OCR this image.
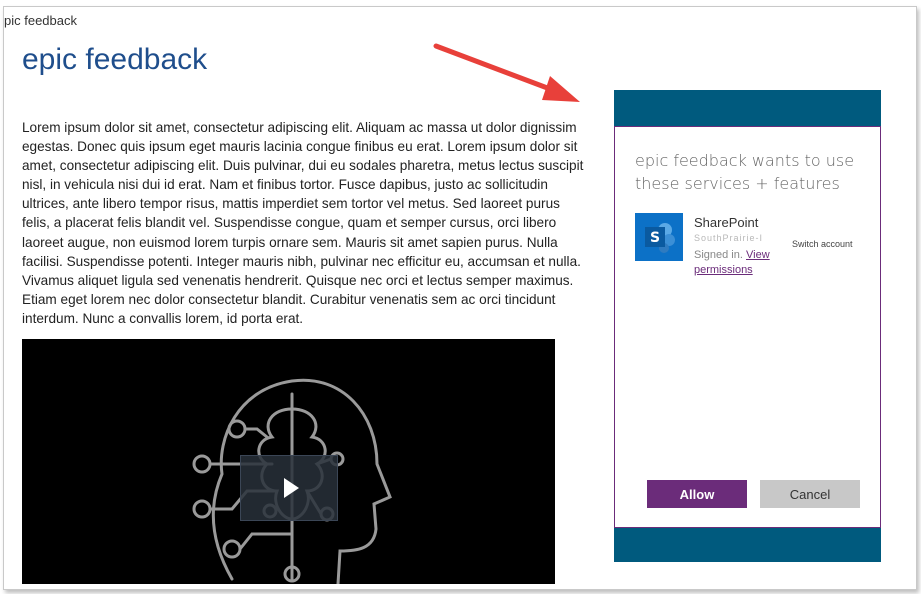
pic feedback
epic feedback

Lorem ipsum dolor sit amet, consectetur adipiscing elit. Aliquam ac massa ut dolor dignissim egestas. Donec quis ipsum eget mauris lacinia congue finibus eu erat. Lorem ipsum dolor sit amet, consectetur adipiscing elit. Duis pulvinar, dui eu sodales pharetra, metus lectus suscipit nisl, in vehicula nisi dui id erat. Nam et finibus tortor. Fusce dapibus, justo ac sollicitudin ultrices, ante libero tempor risus, mattis imperdiet sem tortor vel metus. Sed laoreet purus felis, a placerat felis blandit vel. Suspendisse congue, quam et semper cursus, orci libero laoreet augue, non euismod lorem turpis ornare sem. Mauris sit amet sapien purus. Nulla facilisi. Suspendisse potenti. Integer mauris nibh, pulvinar nec efficitur eu, accumsan et nulla. Vivamus aliquet ligula sed venenatis hendrerit. Quisque nec orci et lectus semper maximus. Etiam eget lorem nec dolor consectetur blandit. Curabitur venenatis sem ac orci tincidunt interdum. Nunc a convallis lorem, id porta erat.

epic feedback wants to use these services + features
S
SharePoint
SouthPrairie-I
Switch account
Signed in. View permissions
Allow	Cancel
